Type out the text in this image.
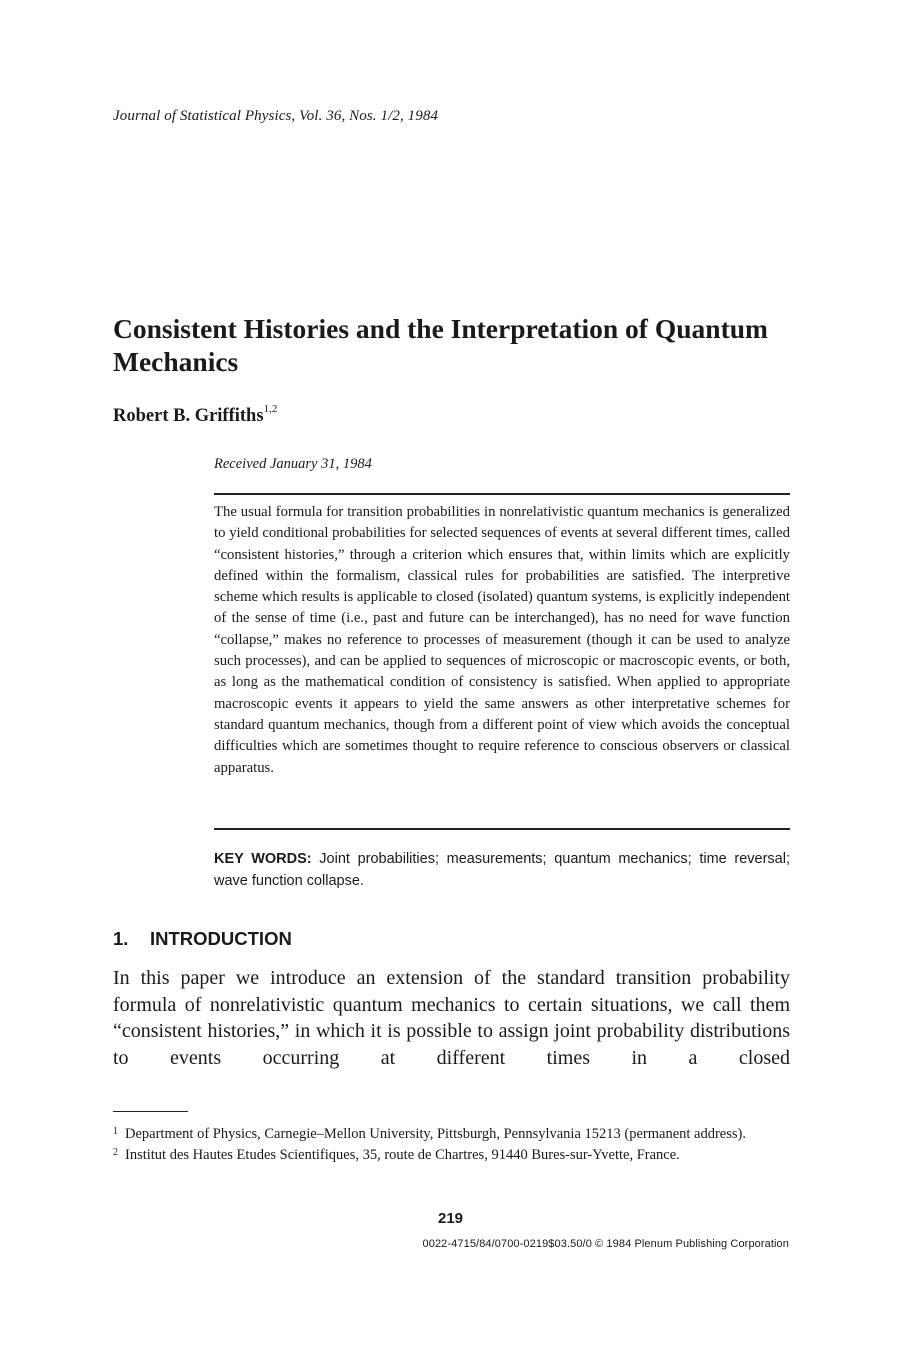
Journal of Statistical Physics, Vol. 36, Nos. 1/2, 1984
Consistent Histories and the Interpretation of Quantum Mechanics
Robert B. Griffiths$^{1,2}$
Received January 31, 1984

The usual formula for transition probabilities in nonrelativistic quantum mechanics is generalized to yield conditional probabilities for selected sequences of events at several different times, called “consistent histories,” through a criterion which ensures that, within limits which are explicitly defined within the formalism, classical rules for probabilities are satisfied. The interpretive scheme which results is applicable to closed (isolated) quantum systems, is explicitly independent of the sense of time (i.e., past and future can be interchanged), has no need for wave function “collapse,” makes no reference to processes of measurement (though it can be used to analyze such processes), and can be applied to sequences of microscopic or macroscopic events, or both, as long as the mathematical condition of consistency is satisfied. When applied to appropriate macroscopic events it appears to yield the same answers as other interpretative schemes for standard quantum mechanics, though from a different point of view which avoids the conceptual difficulties which are sometimes thought to require reference to conscious observers or classical apparatus.

KEY WORDS: Joint probabilities; measurements; quantum mechanics; time reversal; wave function collapse.

1. INTRODUCTION

In this paper we introduce an extension of the standard transition probability formula of nonrelativistic quantum mechanics to certain situations, we call them “consistent histories,” in which it is possible to assign joint probability distributions to events occurring at different times in a closed

1 Department of Physics, Carnegie–Mellon University, Pittsburgh, Pennsylvania 15213 (permanent address).
2 Institut des Hautes Etudes Scientifiques, 35, route de Chartres, 91440 Bures-sur-Yvette, France.
219
0022-4715/84/0700-0219$03.50/0 © 1984 Plenum Publishing Corporation
